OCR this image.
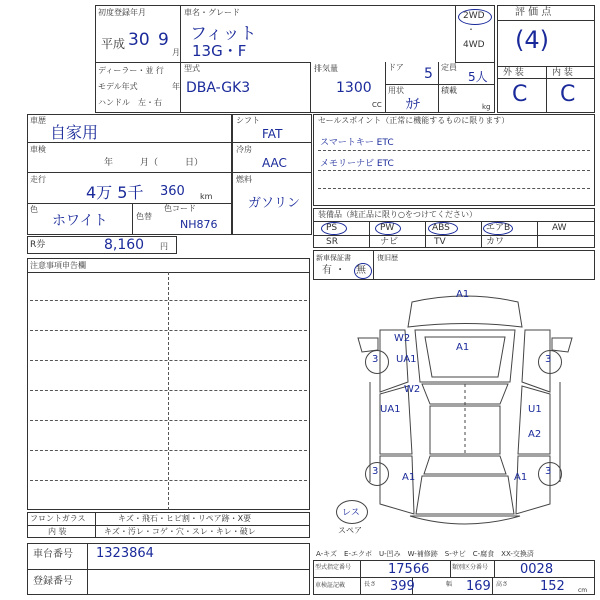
初度登録年月
平成 30 9
月
車名・グレード
フィット
13G・F
2WD
・
4WD
評 価 点
(4)
ディーラー・並 行
モデル年式	年
ハンドル　左・右
型式
DBA-GK3
排気量
1300
CC
ドア 5 定員
5人
用状
ｶﾁ
積載
kg
外 装	内 装
C C
車歴
自家用
車検
年　　　月（　　　日）
走行
4万 5千 360 km
色
ホワイト	色替
色コード
NH876
シフト
FAT
冷房
AAC
燃料
ガソリン
R券	8,160 円
セールスポイント（正常に機能するものに限ります）
スマートキー ETC
メモリーナビ ETC
装備品（純正品に限り○をつけてください）
PS	PW	ABS	エアB	AW
SR	ナビ	TV	カワ
新車保証書
有 ・ 無
復旧歴
注意事項申告欄
3	3
3	3
A1
A1
W2
UA1
W2
UA1	U1
A2
A1	A1
レス
スペア
フロントガラス	キズ・飛石・ヒビ割・リペア跡・X要
内 装	キズ・汚レ・コゲ・穴・スレ・キレ・破レ
車台番号 1323864
登録番号
A-キズ　E-エクボ　U-凹み　W-補修跡　S-サビ　C-腐食　XX-交換済
型式指定番号	17566	類別区分番号 0028
車検証記載	長さ 399	幅 169 高さ 152 cm
